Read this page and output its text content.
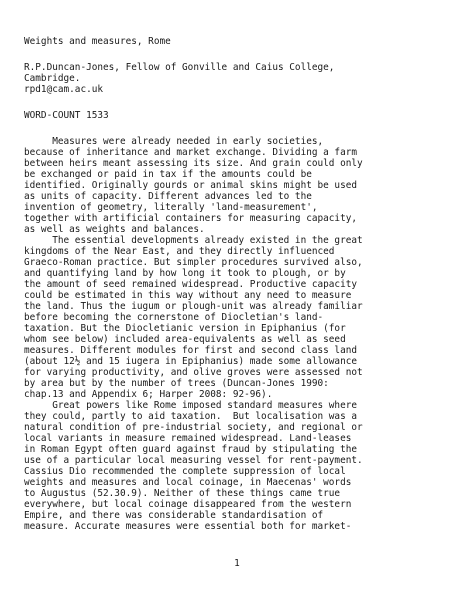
Weights and measures, Rome
R.P.Duncan-Jones, Fellow of Gonville and Caius College,
Cambridge.
rpd1@cam.ac.uk
WORD-COUNT 1533
Measures were already needed in early societies,
because of inheritance and market exchange. Dividing a farm
between heirs meant assessing its size. And grain could only
be exchanged or paid in tax if the amounts could be
identified. Originally gourds or animal skins might be used
as units of capacity. Different advances led to the
invention of geometry, literally 'land-measurement',
together with artificial containers for measuring capacity,
as well as weights and balances.
The essential developments already existed in the great
kingdoms of the Near East, and they directly influenced
Graeco-Roman practice. But simpler procedures survived also,
and quantifying land by how long it took to plough, or by
the amount of seed remained widespread. Productive capacity
could be estimated in this way without any need to measure
the land. Thus the iugum or plough-unit was already familiar
before becoming the cornerstone of Diocletian's land-
taxation. But the Diocletianic version in Epiphanius (for
whom see below) included area-equivalents as well as seed
measures. Different modules for first and second class land
(about 12½ and 15 iugera in Epiphanius) made some allowance
for varying productivity, and olive groves were assessed not
by area but by the number of trees (Duncan-Jones 1990:
chap.13 and Appendix 6; Harper 2008: 92-96).
Great powers like Rome imposed standard measures where
they could, partly to aid taxation.  But localisation was a
natural condition of pre-industrial society, and regional or
local variants in measure remained widespread. Land-leases
in Roman Egypt often guard against fraud by stipulating the
use of a particular local measuring vessel for rent-payment.
Cassius Dio recommended the complete suppression of local
weights and measures and local coinage, in Maecenas' words
to Augustus (52.30.9). Neither of these things came true
everywhere, but local coinage disappeared from the western
Empire, and there was considerable standardisation of
measure. Accurate measures were essential both for market-
1
